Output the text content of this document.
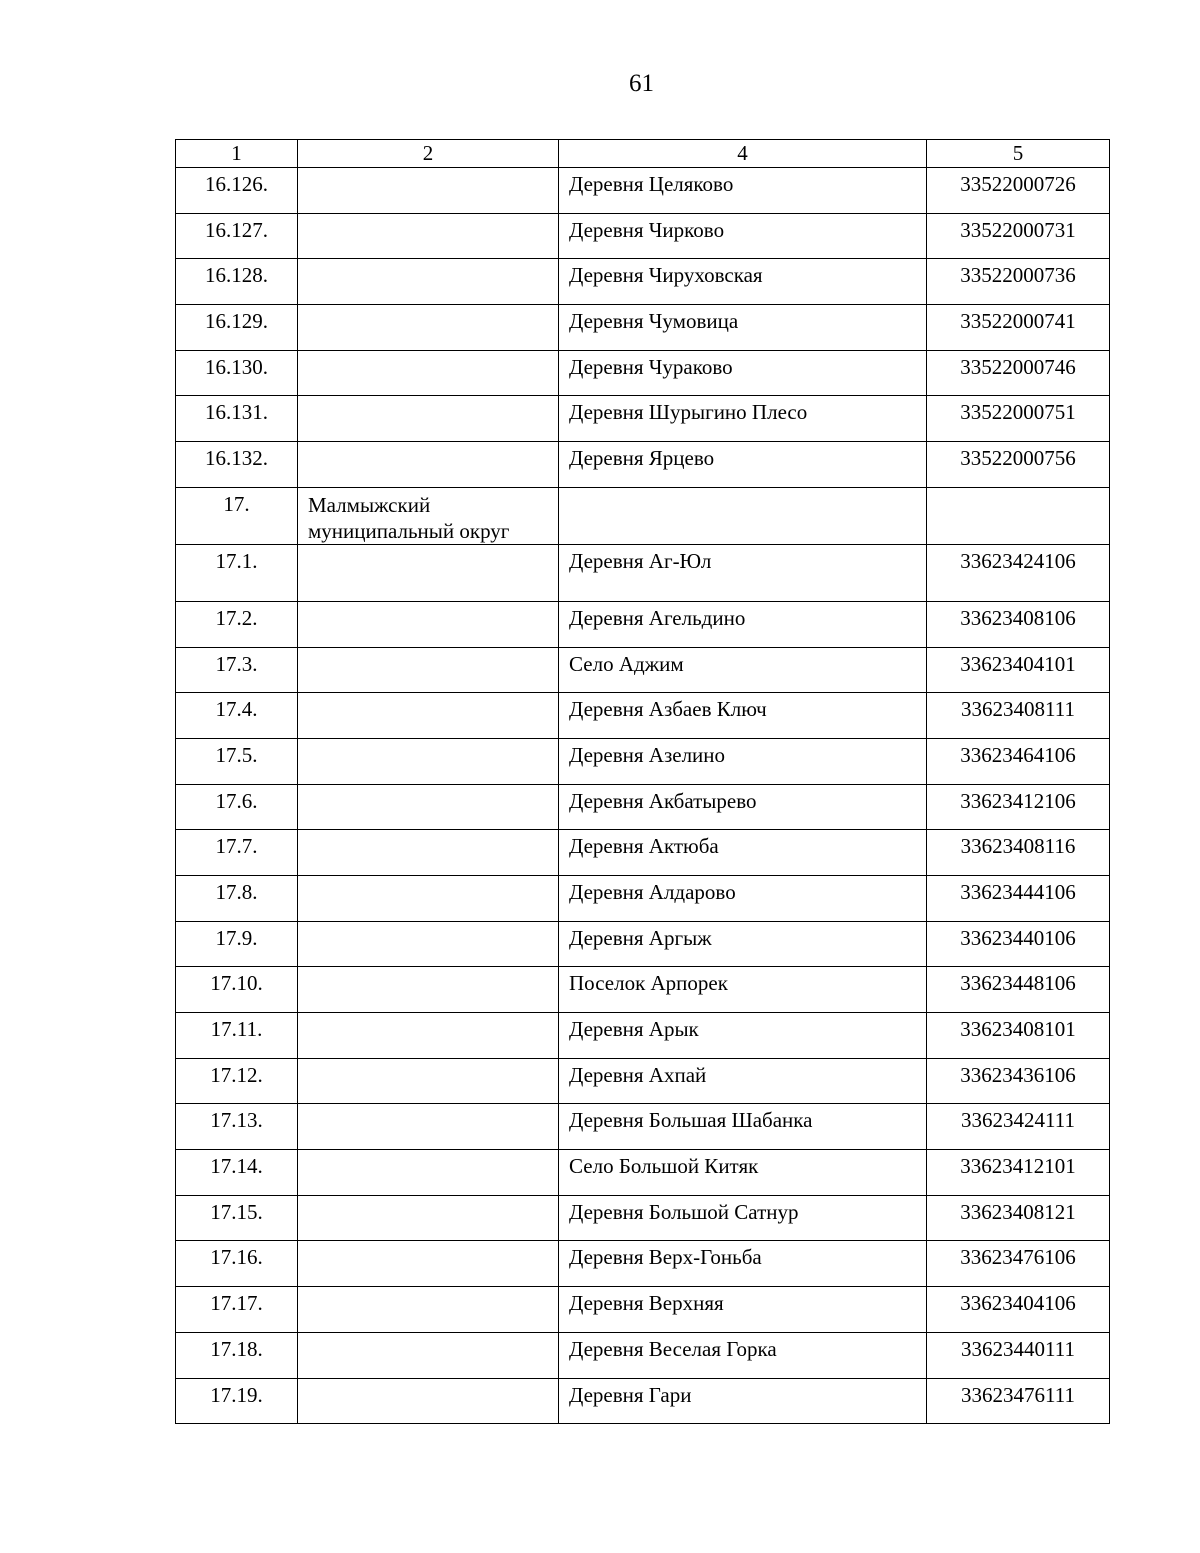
61
1	2	4	5
16.126.		Деревня Целяково	33522000726
16.127.		Деревня Чирково	33522000731
16.128.		Деревня Чируховская	33522000736
16.129.		Деревня Чумовица	33522000741
16.130.		Деревня Чураково	33522000746
16.131.		Деревня Шурыгино Плесо	33522000751
16.132.		Деревня Ярцево	33522000756
17.	Малмыжский муниципальный округ		
17.1.		Деревня Аг-Юл	33623424106
17.2.		Деревня Агельдино	33623408106
17.3.		Село Аджим	33623404101
17.4.		Деревня Азбаев Ключ	33623408111
17.5.		Деревня Азелино	33623464106
17.6.		Деревня Акбатырево	33623412106
17.7.		Деревня Актюба	33623408116
17.8.		Деревня Алдарово	33623444106
17.9.		Деревня Аргыж	33623440106
17.10.		Поселок Арпорек	33623448106
17.11.		Деревня Арык	33623408101
17.12.		Деревня Ахпай	33623436106
17.13.		Деревня Большая Шабанка	33623424111
17.14.		Село Большой Китяк	33623412101
17.15.		Деревня Большой Сатнур	33623408121
17.16.		Деревня Верх-Гоньба	33623476106
17.17.		Деревня Верхняя	33623404106
17.18.		Деревня Веселая Горка	33623440111
17.19.		Деревня Гари	33623476111
